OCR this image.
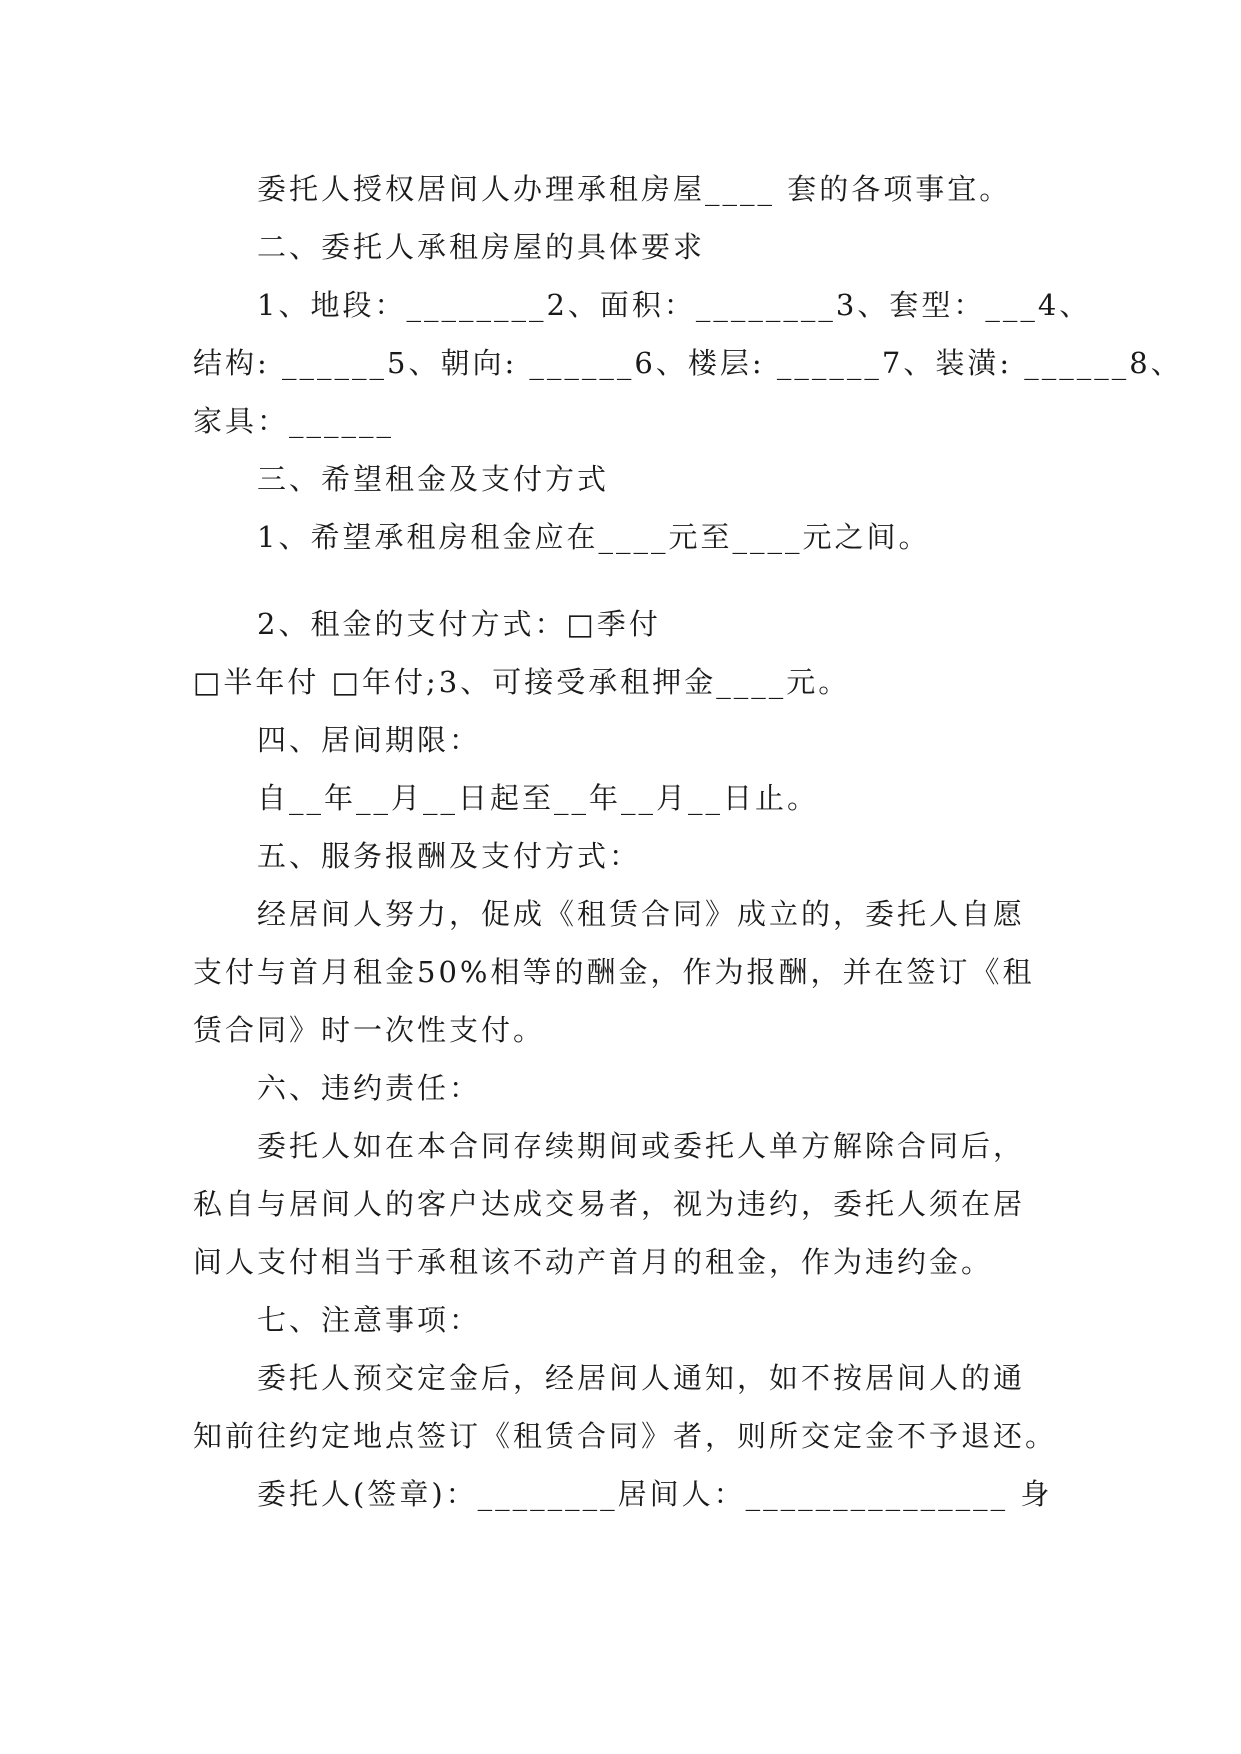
委托人授权居间人办理承租房屋____ 套的各项事宜。

二、委托人承租房屋的具体要求

1、地段：________2、面积：________3、套型：___4、

结构: ______5、朝向: ______6、楼层: ______7、装潢: ______8、

家具：______

三、希望租金及支付方式

1、希望承租房租金应在____元至____元之间。

2、租金的支付方式：□季付

□半年付 □年付;3、可接受承租押金____元。

四、居间期限：

自__年__月__日起至__年__月__日止。

五、服务报酬及支付方式：

经居间人努力，促成《租赁合同》成立的，委托人自愿

支付与首月租金50%相等的酬金，作为报酬，并在签订《租

赁合同》时一次性支付。

六、违约责任：

委托人如在本合同存续期间或委托人单方解除合同后，

私自与居间人的客户达成交易者，视为违约，委托人须在居

间人支付相当于承租该不动产首月的租金，作为违约金。

七、注意事项：

委托人预交定金后，经居间人通知，如不按居间人的通

知前往约定地点签订《租赁合同》者，则所交定金不予退还。

委托人(签章)：________居间人：_______________ 身
